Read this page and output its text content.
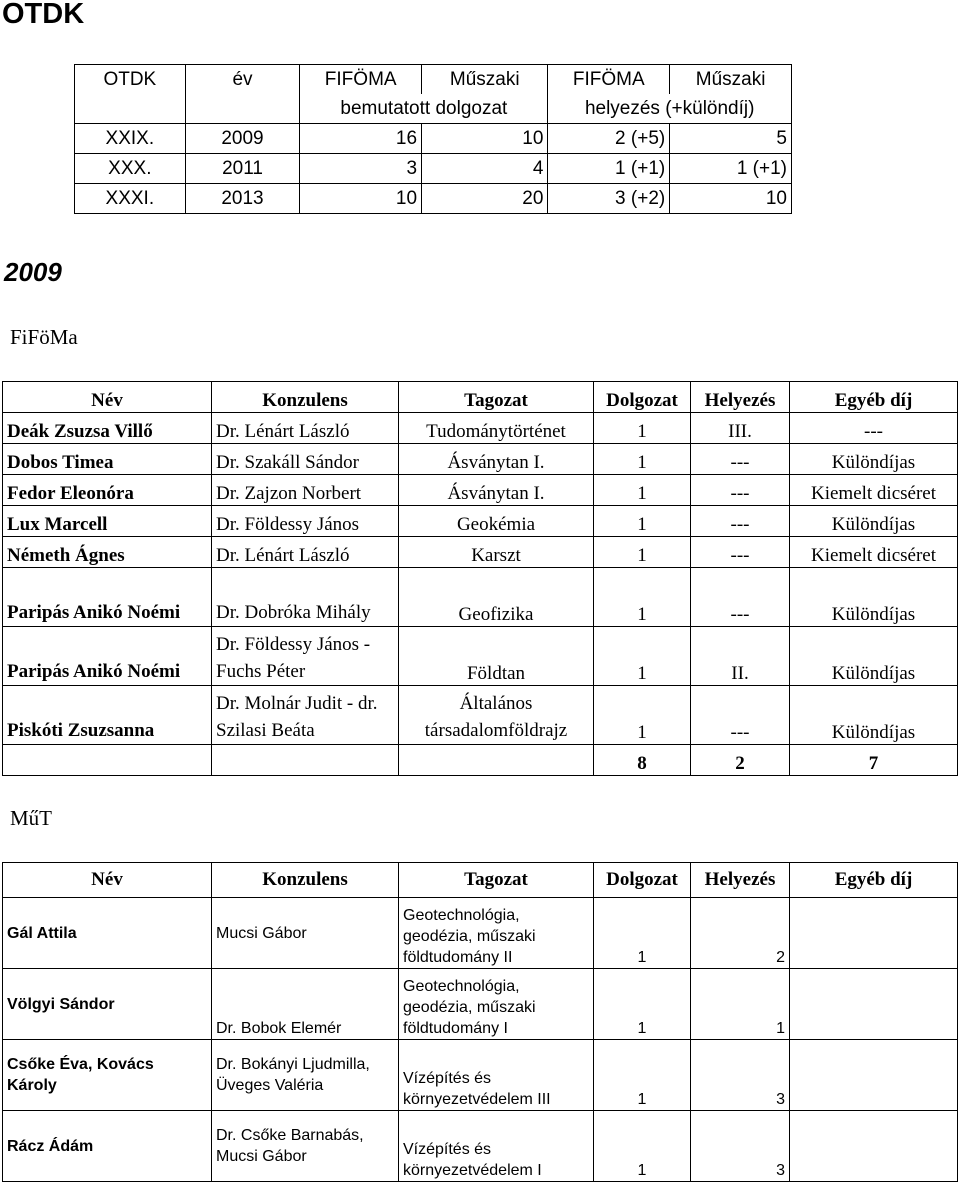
OTDK
OTDK	év	FIFÖMA	Műszaki	FIFÖMA	Műszaki
		bemutatott dolgozat		helyezés (+különdíj)	
XXIX.	2009	16	10	2 (+5)	5
XXX.	2011	3	4	1 (+1)	1 (+1)
XXXI.	2013	10	20	3 (+2)	10
2009
FiFöMa
Név	Konzulens	Tagozat	Dolgozat	Helyezés	Egyéb díj
Deák Zsuzsa Villő	Dr. Lénárt László	Tudománytörténet	1	III.	---
Dobos Timea	Dr. Szakáll Sándor	Ásványtan I.	1	---	Különdíjas
Fedor Eleonóra	Dr. Zajzon Norbert	Ásványtan I.	1	---	Kiemelt dicséret
Lux Marcell	Dr. Földessy János	Geokémia	1	---	Különdíjas
Németh Ágnes	Dr. Lénárt László	Karszt	1	---	Kiemelt dicséret
Paripás Anikó Noémi	Dr. Dobróka Mihály	Geofizika	1	---	Különdíjas
Paripás Anikó Noémi	Dr. Földessy János - Fuchs Péter	Földtan	1	II.	Különdíjas
Piskóti Zsuzsanna	Dr. Molnár Judit - dr. Szilasi Beáta	Általános társadalomföldrajz	1	---	Különdíjas
			8	2	7
MűT
Név	Konzulens	Tagozat	Dolgozat	Helyezés	Egyéb díj
Gál Attila	Mucsi Gábor	Geotechnológia, geodézia, műszaki földtudomány II	1	2	
Völgyi Sándor	Dr. Bobok Elemér	Geotechnológia, geodézia, műszaki földtudomány I	1	1	
Csőke Éva, Kovács Károly	Dr. Bokányi Ljudmilla, Üveges Valéria	Vízépítés és környezetvédelem III	1	3	
Rácz Ádám	Dr. Csőke Barnabás, Mucsi Gábor	Vízépítés és környezetvédelem I	1	3	
